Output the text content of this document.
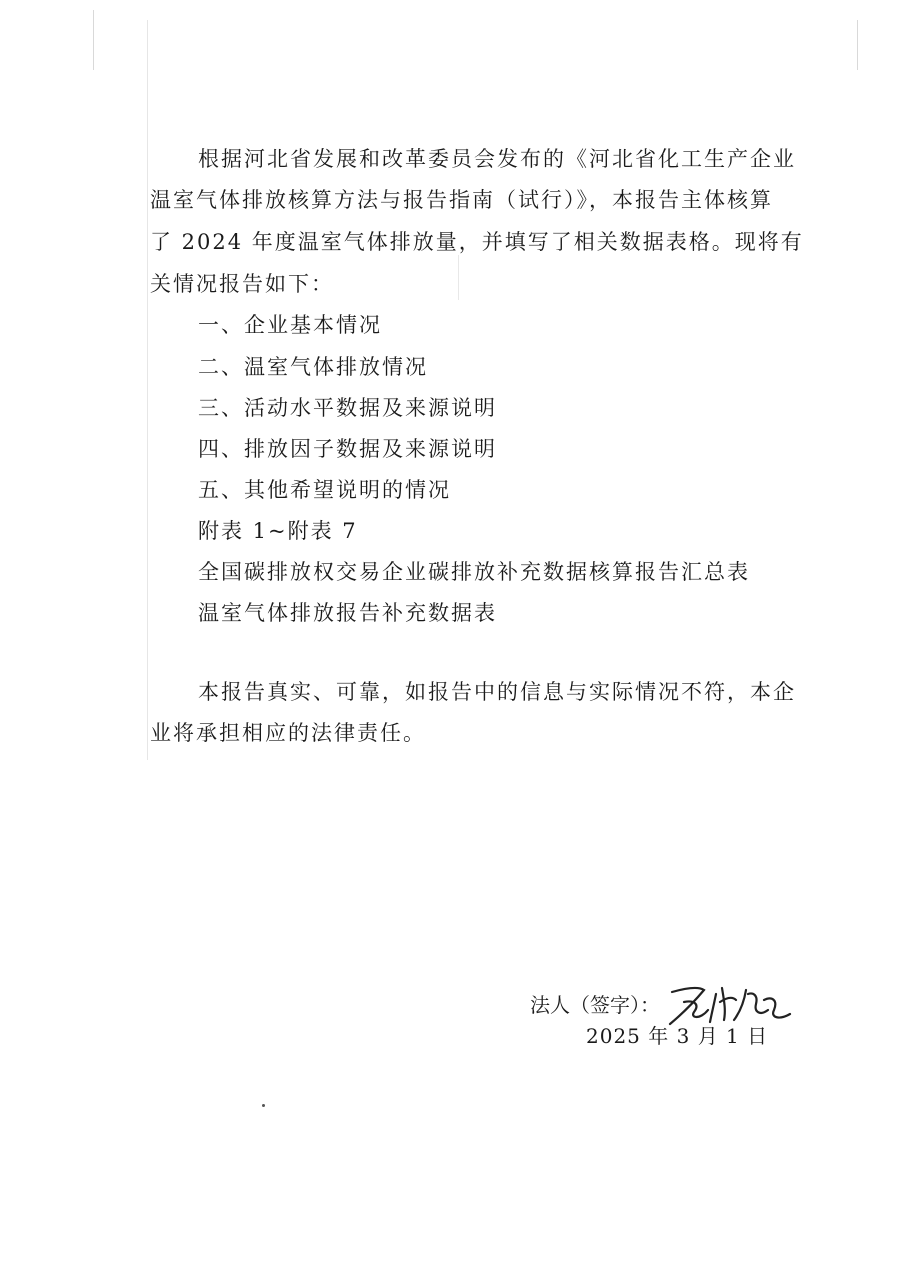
根据河北省发展和改革委员会发布的《河北省化工生产企业
温室气体排放核算方法与报告指南（试行）》，本报告主体核算
了 2024 年度温室气体排放量，并填写了相关数据表格。现将有
关情况报告如下：
一、企业基本情况
二、温室气体排放情况
三、活动水平数据及来源说明
四、排放因子数据及来源说明
五、其他希望说明的情况
附表 1~附表 7
全国碳排放权交易企业碳排放补充数据核算报告汇总表
温室气体排放报告补充数据表
本报告真实、可靠，如报告中的信息与实际情况不符，本企
业将承担相应的法律责任。
法人（签字）：
2025 年 3 月 1 日
